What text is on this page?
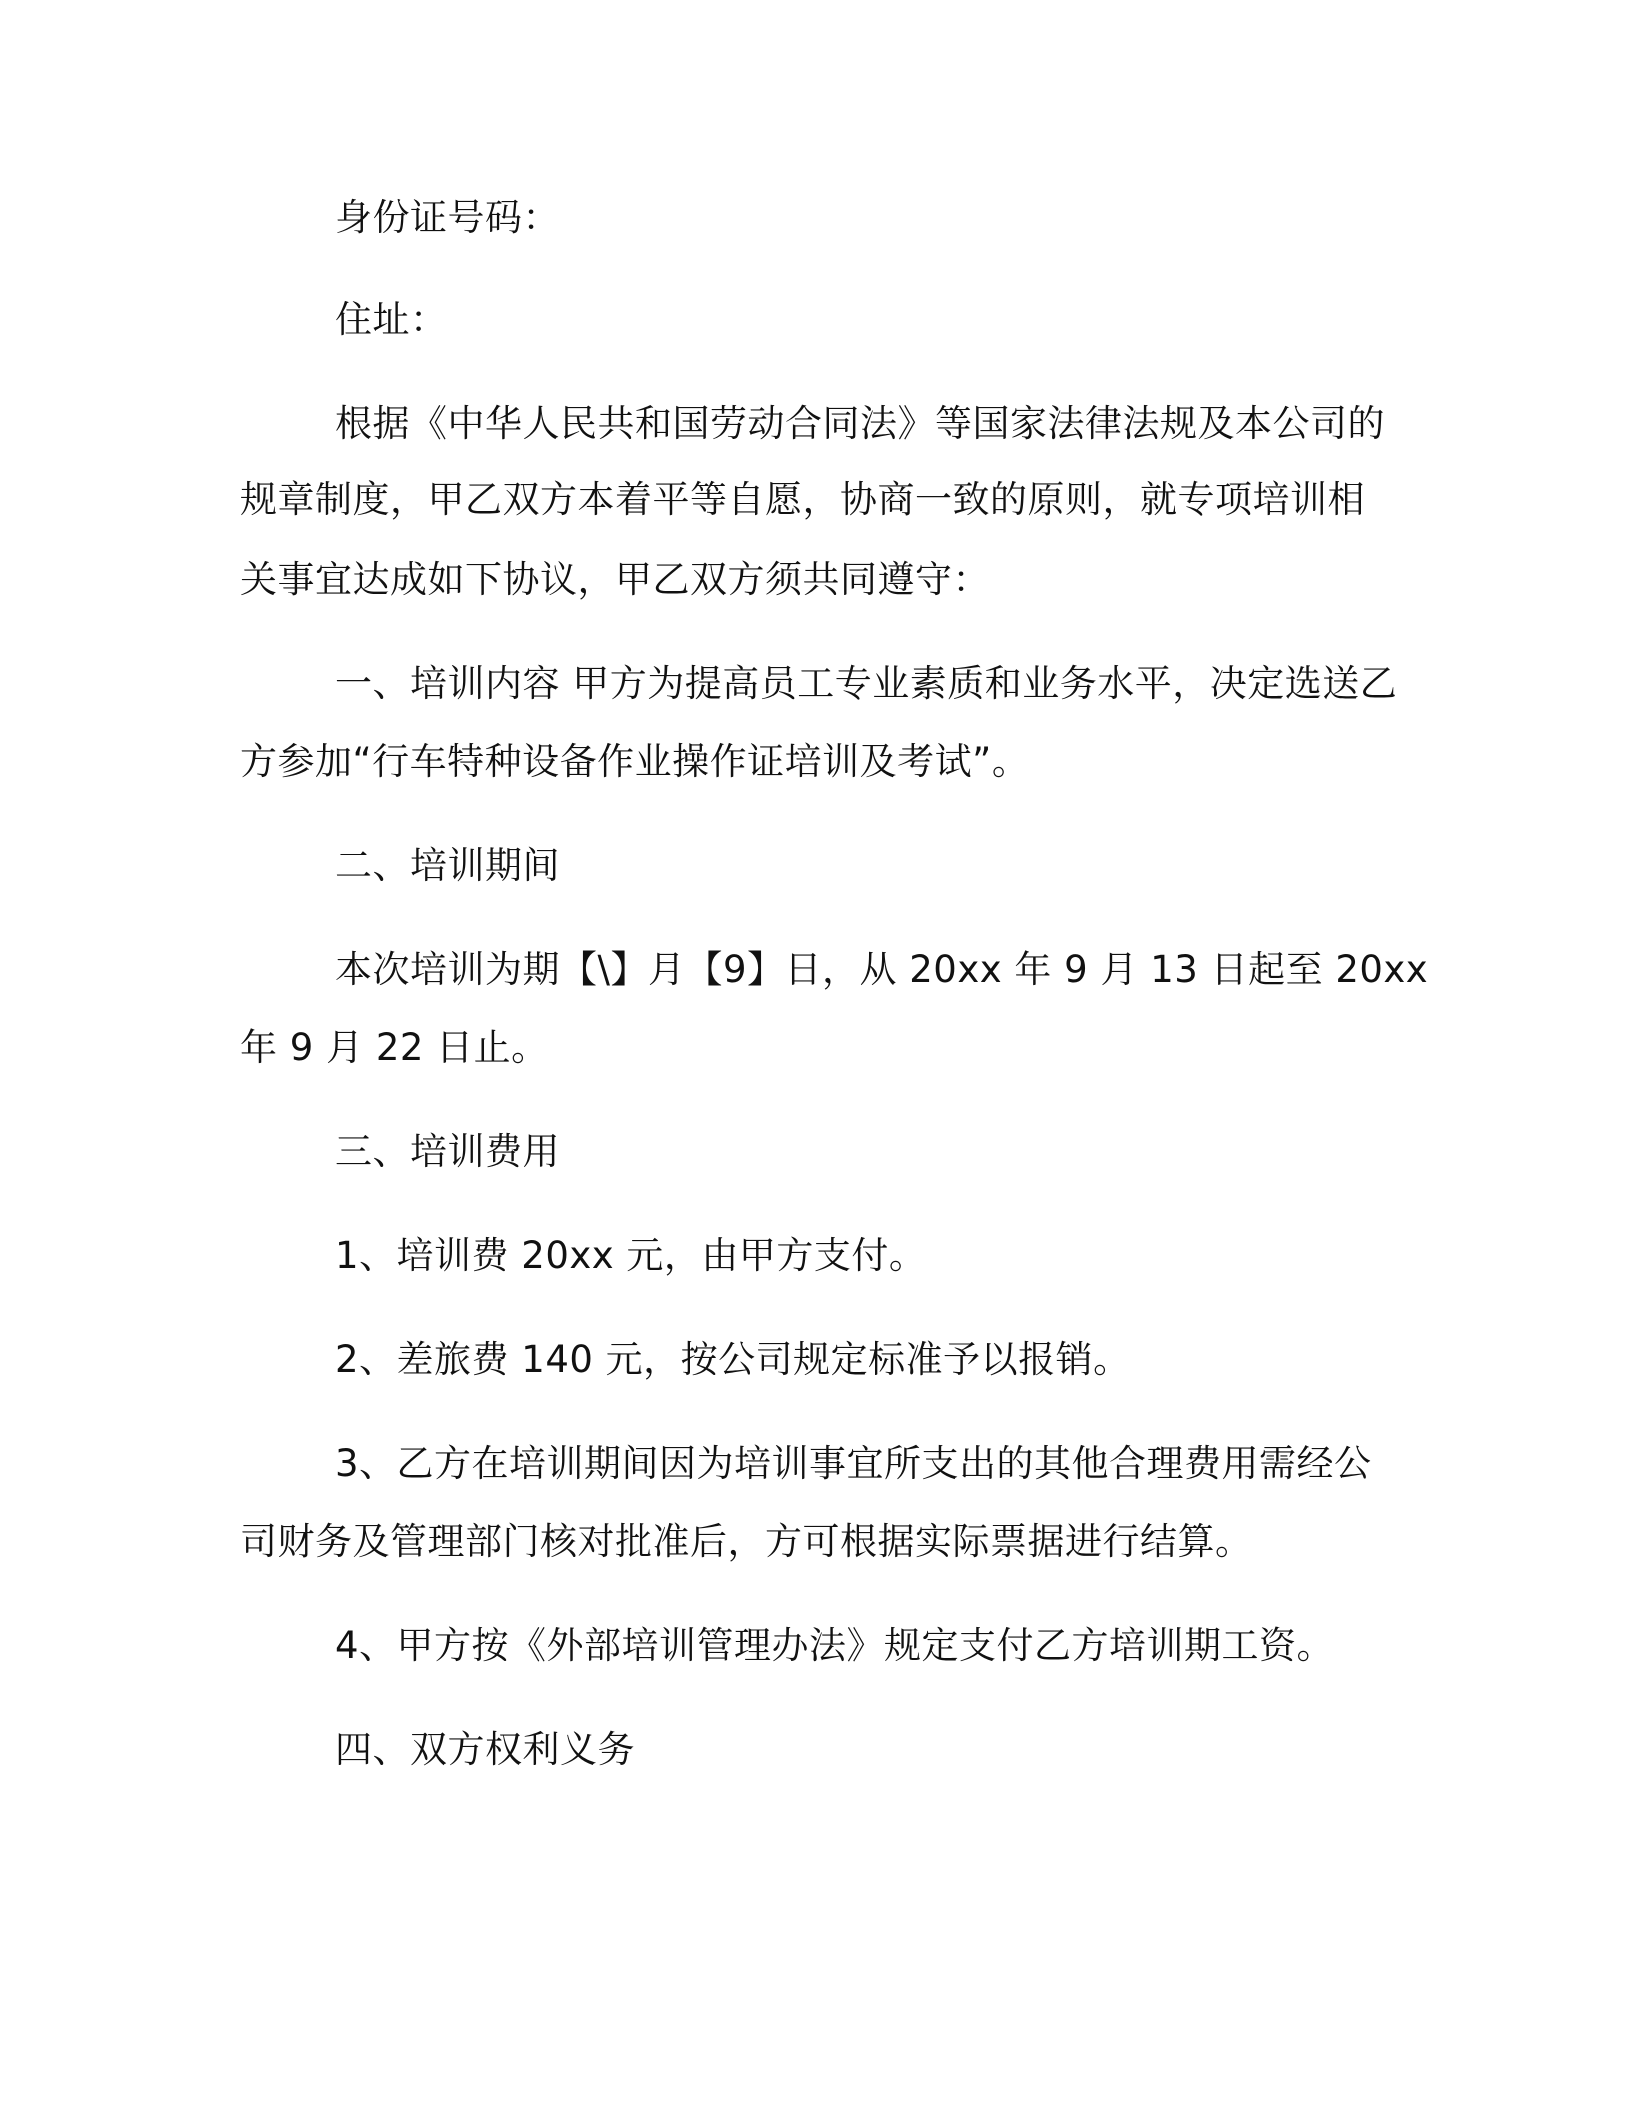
身份证号码：

住址：

根据《中华人民共和国劳动合同法》等国家法律法规及本公司的

规章制度，甲乙双方本着平等自愿，协商一致的原则，就专项培训相

关事宜达成如下协议，甲乙双方须共同遵守：

一、培训内容 甲方为提高员工专业素质和业务水平，决定选送乙

方参加“行车特种设备作业操作证培训及考试”。

二、培训期间

本次培训为期【\】月【9】日，从 20xx 年 9 月 13 日起至 20xx

年 9 月 22 日止。

三、培训费用

1、培训费 20xx 元，由甲方支付。

2、差旅费 140 元，按公司规定标准予以报销。

3、乙方在培训期间因为培训事宜所支出的其他合理费用需经公

司财务及管理部门核对批准后，方可根据实际票据进行结算。

4、甲方按《外部培训管理办法》规定支付乙方培训期工资。

四、双方权利义务
